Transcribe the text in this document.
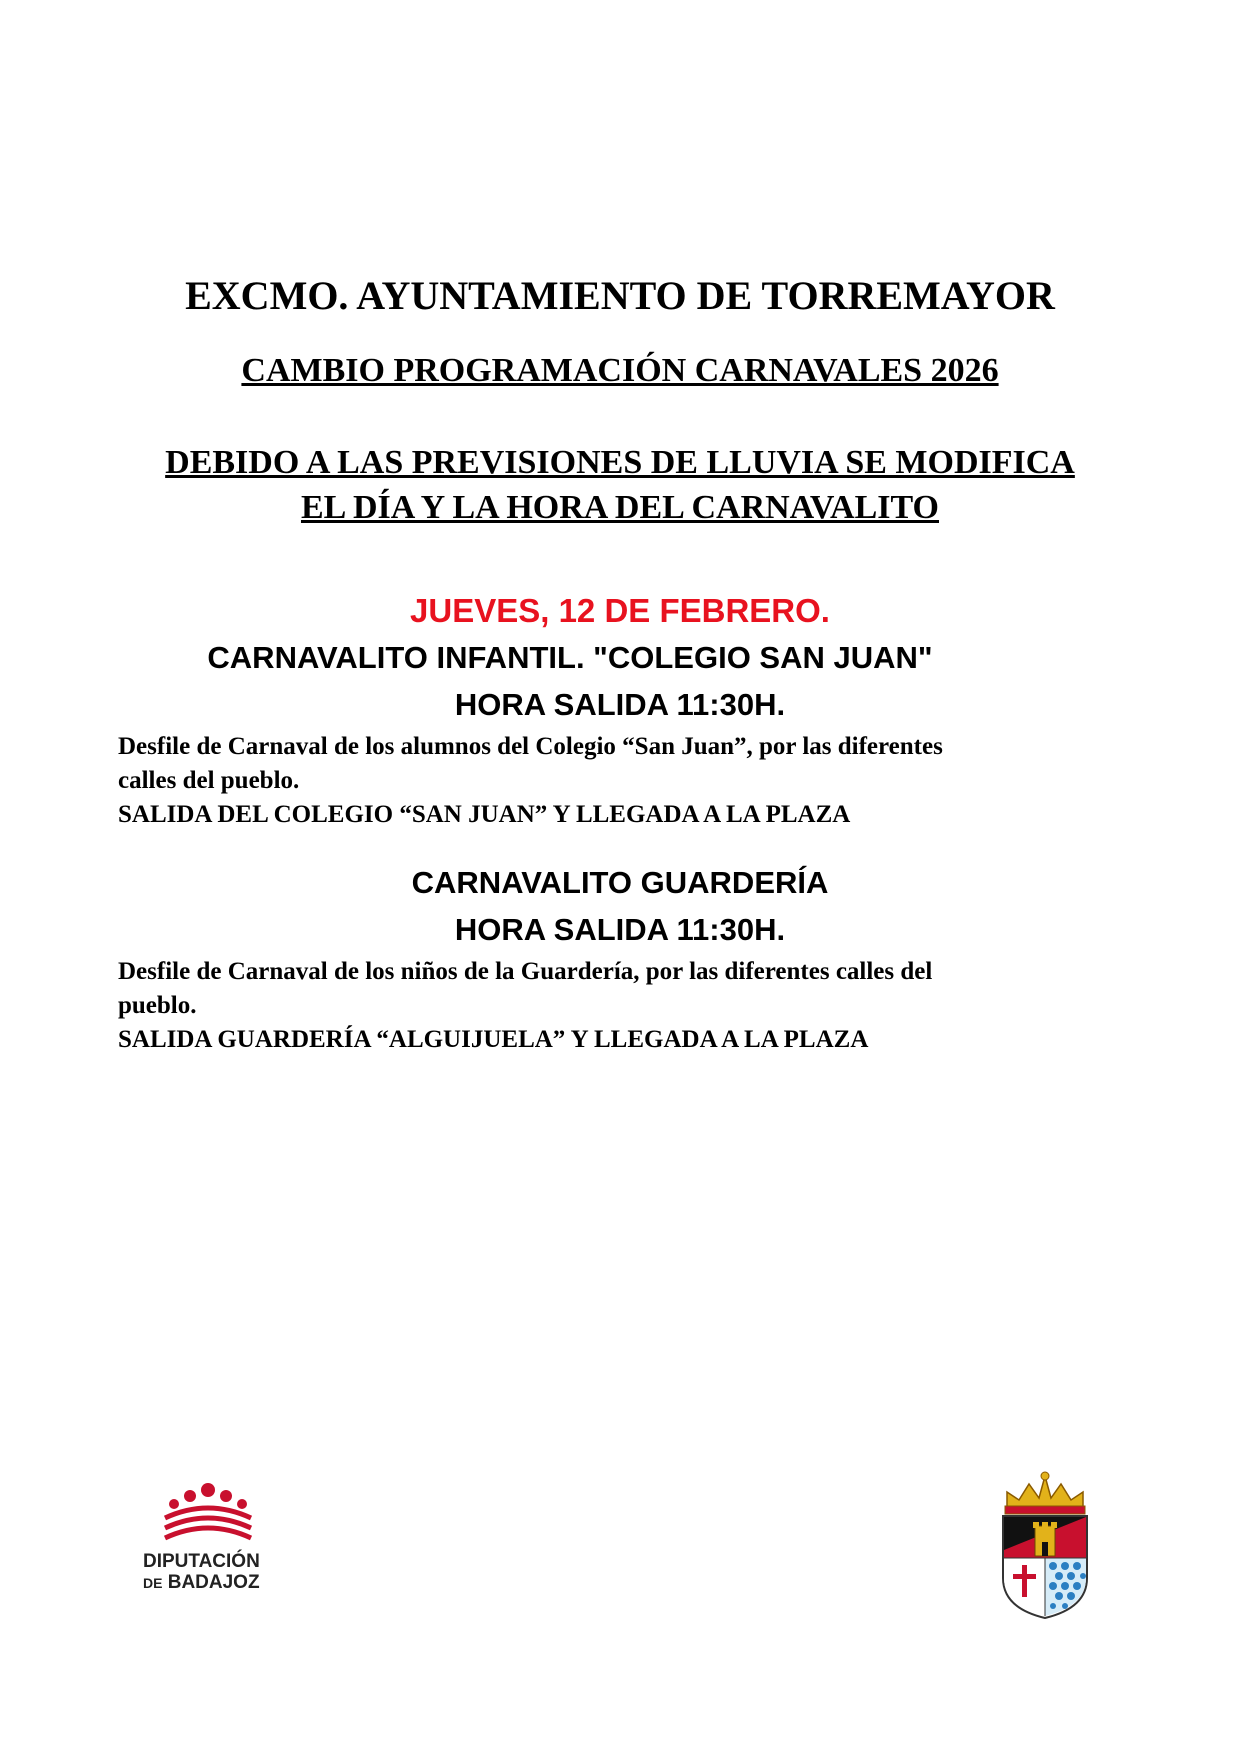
EXCMO. AYUNTAMIENTO DE TORREMAYOR
CAMBIO PROGRAMACIÓN CARNAVALES 2026
DEBIDO A LAS PREVISIONES DE LLUVIA SE MODIFICA
EL DÍA Y LA HORA DEL CARNAVALITO
JUEVES, 12 DE FEBRERO.
CARNAVALITO INFANTIL. "COLEGIO SAN JUAN"
HORA SALIDA 11:30H.
Desfile de Carnaval de los alumnos del Colegio “San Juan”, por las diferentes
calles del pueblo.
SALIDA DEL COLEGIO “SAN JUAN” Y LLEGADA A LA PLAZA
CARNAVALITO GUARDERÍA
HORA SALIDA 11:30H.
Desfile de Carnaval de los niños de la Guardería, por las diferentes calles del
pueblo.
SALIDA GUARDERÍA “ALGUIJUELA” Y LLEGADA A LA PLAZA
DIPUTACIÓN
DE BADAJOZ
